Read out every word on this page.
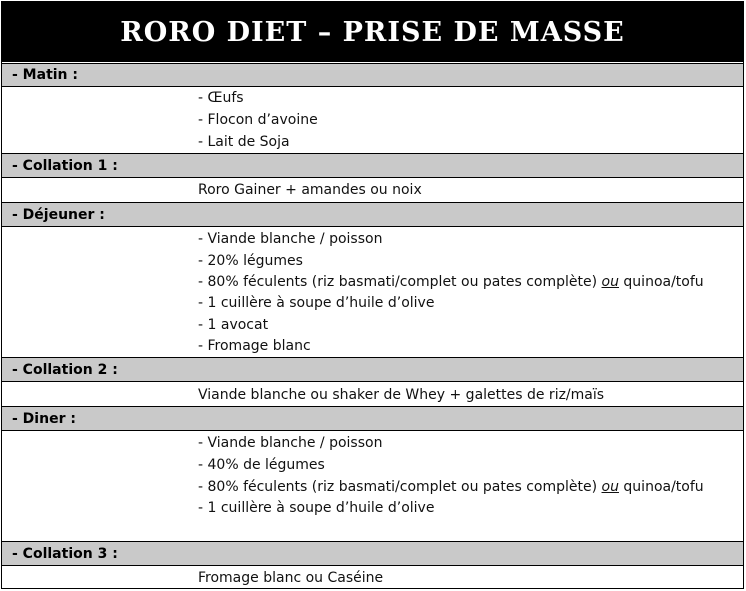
RORO DIET – PRISE DE MASSE
- Matin :
- Œufs
- Flocon d’avoine
- Lait de Soja
- Collation 1 :
Roro Gainer + amandes ou noix
- Déjeuner :
- Viande blanche / poisson
- 20% légumes
- 80% féculents (riz basmati/complet ou pates complète) ou quinoa/tofu
- 1 cuillère à soupe d’huile d’olive
- 1 avocat
- Fromage blanc
- Collation 2 :
Viande blanche ou shaker de Whey + galettes de riz/maïs
- Diner :
- Viande blanche / poisson
- 40% de légumes
- 80% féculents (riz basmati/complet ou pates complète) ou quinoa/tofu
- 1 cuillère à soupe d’huile d’olive
- Collation 3 :
Fromage blanc ou Caséine
